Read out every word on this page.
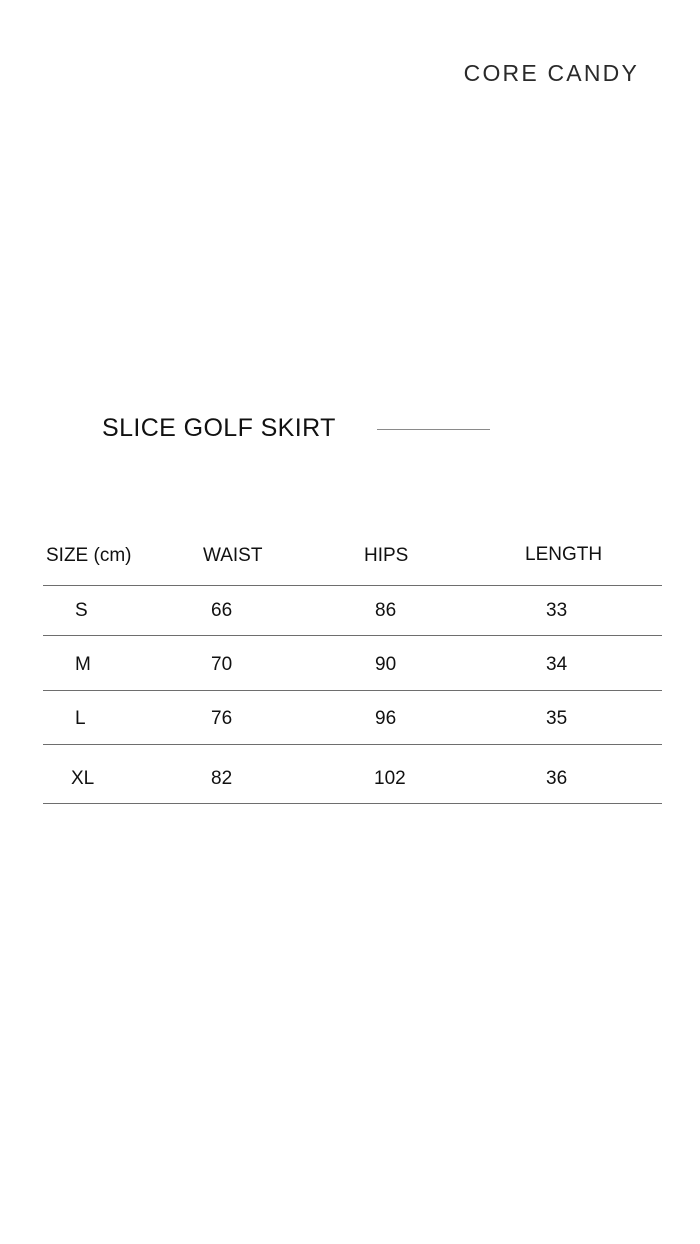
CORE CANDY
SLICE GOLF SKIRT
SIZE (cm)	WAIST	HIPS	LENGTH
S	66	86	33
M	70	90	34
L	76	96	35
XL	82	102	36
